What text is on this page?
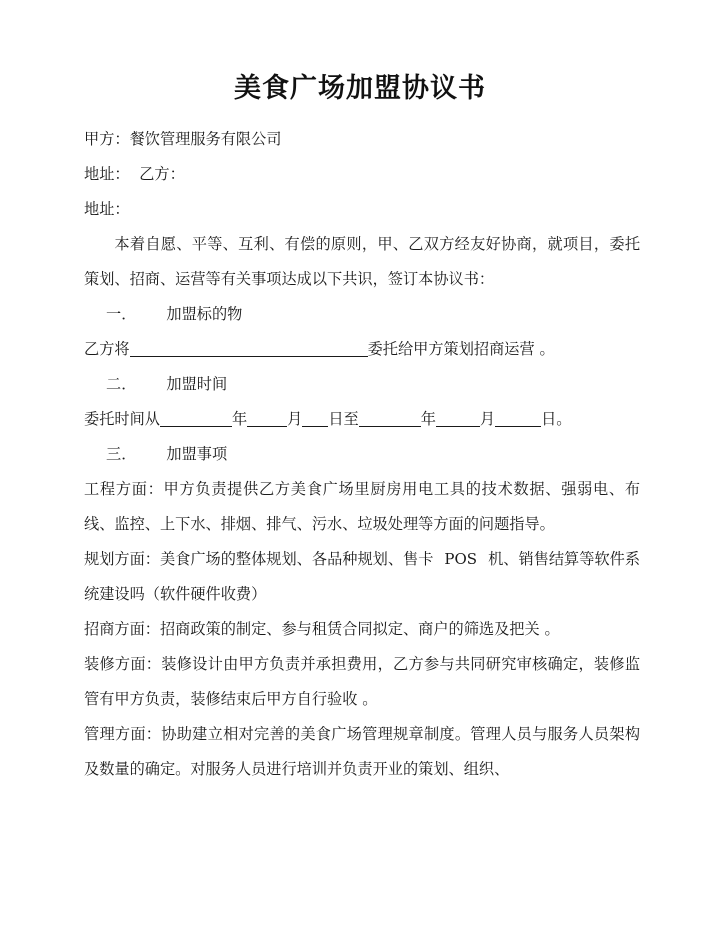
美食广场加盟协议书
甲方：餐饮管理服务有限公司
地址：  乙方：
地址：
本着自愿、平等、互利、有偿的原则，甲、乙双方经友好协商，就项目，委托策划、招商、运营等有关事项达成以下共识，签订本协议书：
一． 加盟标的物
乙方将	委托给甲方策划招商运营 。
二． 加盟时间
委托时间从	年	月 日至	年	月	日。
三． 加盟事项
工程方面：甲方负责提供乙方美食广场里厨房用电工具的技术数据、强弱电、布线、监控、上下水、排烟、排气、污水、垃圾处理等方面的问题指导。
规划方面：美食广场的整体规划、各品种规划、售卡 POS 机、销售结算等软件系统建设吗（软件硬件收费）
招商方面：招商政策的制定、参与租赁合同拟定、商户的筛选及把关 。
装修方面：装修设计由甲方负责并承担费用，乙方参与共同研究审核确定，装修监管有甲方负责，装修结束后甲方自行验收 。
管理方面：协助建立相对完善的美食广场管理规章制度。管理人员与服务人员架构及数量的确定。对服务人员进行培训并负责开业的策划、组织、
